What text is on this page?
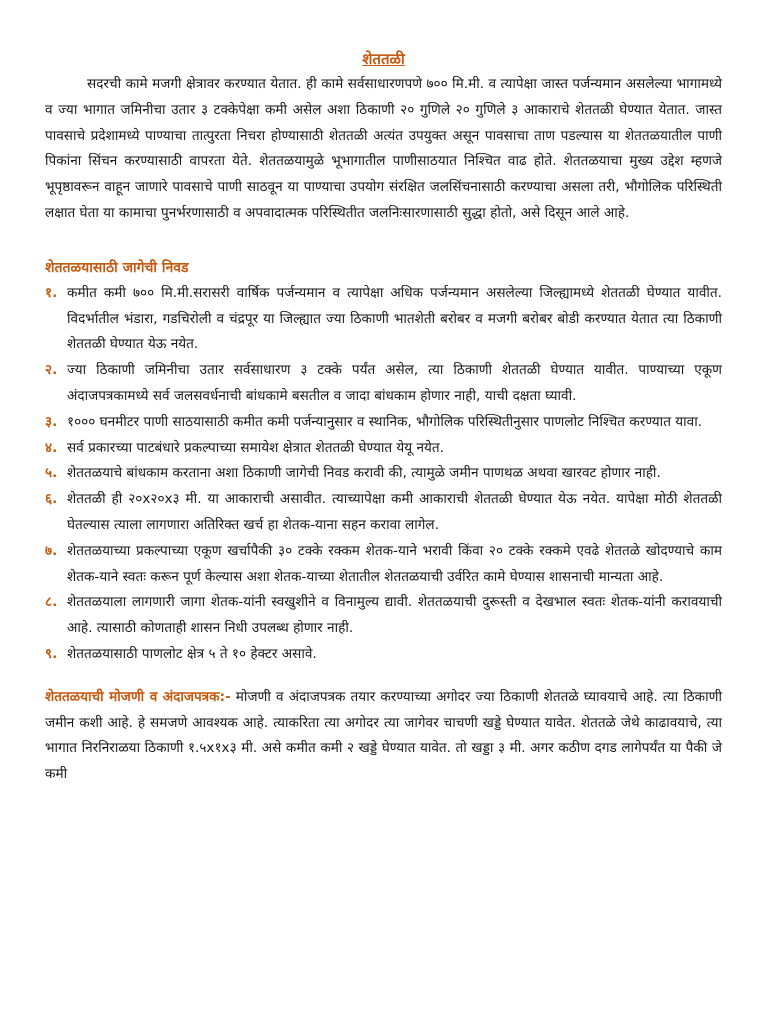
शेततळी

सदरची कामे मजगी क्षेत्रावर करण्यात येतात. ही कामे सर्वसाधारणपणे ७०० मि.मी. व त्यापेक्षा जास्त पर्जन्यमान असलेल्या भागामध्ये व ज्या भागात जमिनीचा उतार ३ टक्केपेक्षा कमी असेल अशा ठिकाणी २० गुणिले २० गुणिले ३ आकाराचे शेततळी घेण्यात येतात. जास्त पावसाचे प्रदेशामध्ये पाण्याचा तात्पुरता निचरा होण्यासाठी शेततळी अत्यंत उपयुक्त असून पावसाचा ताण पडल्यास या शेततळयातील पाणी पिकांना सिंचन करण्यासाठी वापरता येते. शेततळयामुळे भूभागातील पाणीसाठयात निश्चित वाढ होते. शेततळयाचा मुख्य उद्देश म्हणजे भूपृष्ठावरून वाहून जाणारे पावसाचे पाणी साठवून या पाण्याचा उपयोग संरक्षित जलसिंचनासाठी करण्याचा असला तरी, भौगोलिक परिस्थिती लक्षात घेता या कामाचा पुनर्भरणासाठी व अपवादात्मक परिस्थितीत जलनिःसारणासाठी सुद्धा होतो, असे दिसून आले आहे.

शेततळयासाठी जागेची निवड
१. कमीत कमी ७०० मि.मी.सरासरी वार्षिक पर्जन्यमान व त्यापेक्षा अधिक पर्जन्यमान असलेल्या जिल्ह्यामध्ये शेततळी घेण्यात यावीत. विदर्भातील भंडारा, गडचिरोली व चंद्रपूर या जिल्ह्यात ज्या ठिकाणी भातशेती बरोबर व मजगी बरोबर बोडी करण्यात येतात त्या ठिकाणी शेततळी घेण्यात येऊ नयेत.
२. ज्या ठिकाणी जमिनीचा उतार सर्वसाधारण ३ टक्के पर्यंत असेल, त्या ठिकाणी शेततळी घेण्यात यावीत. पाण्याच्या एकूण अंदाजपत्रकामध्ये सर्व जलसवर्धनाची बांधकामे बसतील व जादा बांधकाम होणार नाही, याची दक्षता घ्यावी.
३. १००० घनमीटर पाणी साठयासाठी कमीत कमी पर्जन्यानुसार व स्थानिक, भौगोलिक परिस्थितीनुसार पाणलोट निश्चित करण्यात यावा.
४. सर्व प्रकारच्या पाटबंधारे प्रकल्पाच्या समायेश क्षेत्रात शेततळी घेण्यात येयू नयेत.
५. शेततळयाचे बांधकाम करताना अशा ठिकाणी जागेची निवड करावी की, त्यामुळे जमीन पाणथळ अथवा खारवट होणार नाही.
६. शेततळी ही २०x२०x३ मी. या आकाराची असावीत. त्याच्यापेक्षा कमी आकाराची शेततळी घेण्यात येऊ नयेत. यापेक्षा मोठी शेततळी घेतल्यास त्याला लागणारा अतिरिक्त खर्च हा शेतक-याना सहन करावा लागेल.
७. शेततळयाच्या प्रकल्पाच्या एकूण खर्चापैकी ३० टक्के रक्कम शेतक-याने भरावी किंवा २० टक्के रक्कमे एवढे शेततळे खोदण्याचे काम शेतक-याने स्वतः करून पूर्ण केल्यास अशा शेतक-याच्या शेतातील शेततळयाची उर्वरित कामे घेण्यास शासनाची मान्यता आहे.
८. शेततळयाला लागणारी जागा शेतक-यांनी स्वखुशीने व विनामुल्य द्यावी. शेततळयाची दुरूस्ती व देखभाल स्वतः शेतक-यांनी करावयाची आहे. त्यासाठी कोणताही शासन निधी उपलब्ध होणार नाही.
९. शेततळयासाठी पाणलोट क्षेत्र ५ ते १० हेक्टर असावे.

शेततळयाची मोजणी व अंदाजपत्रक:- मोजणी व अंदाजपत्रक तयार करण्याच्या अगोदर ज्या ठिकाणी शेततळे घ्यावयाचे आहे. त्या ठिकाणी जमीन कशी आहे. हे समजणे आवश्यक आहे. त्याकरिता त्या अगोदर त्या जागेवर चाचणी खड्डे घेण्यात यावेत. शेततळे जेथे काढावयाचे, त्या भागात निरनिराळया ठिकाणी १.५x१x३ मी. असे कमीत कमी २ खड्डे घेण्यात यावेत. तो खड्डा ३ मी. अगर कठीण दगड लागेपर्यंत या पैकी जे कमी
